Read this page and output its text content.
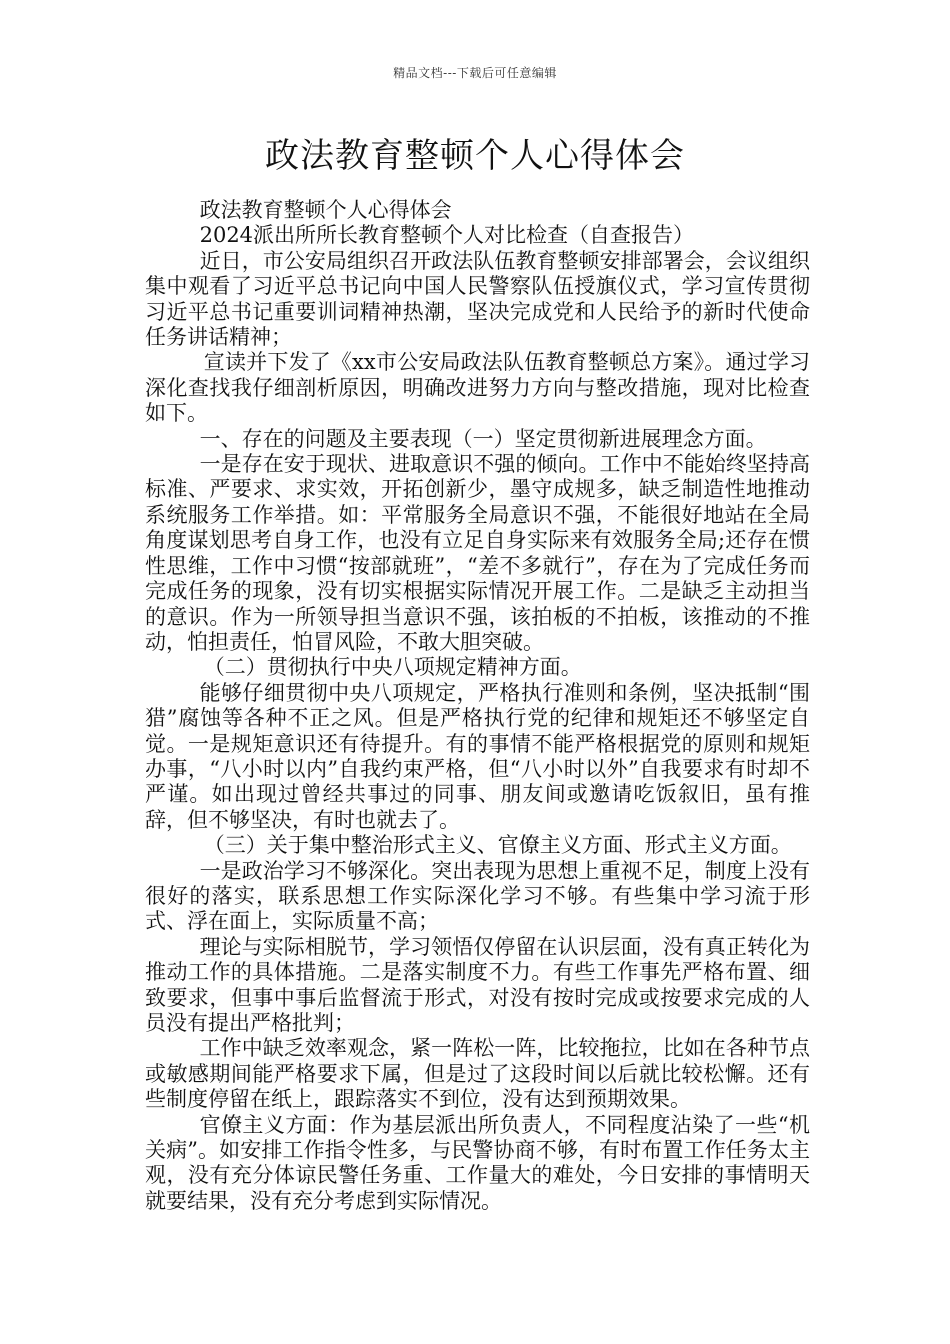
精品文档---下载后可任意编辑
政法教育整顿个人心得体会

政法教育整顿个人心得体会

2024派出所所长教育整顿个人对比检查（自查报告）

近日，市公安局组织召开政法队伍教育整顿安排部署会，会议组织集中观看了习近平总书记向中国人民警察队伍授旗仪式，学习宣传贯彻习近平总书记重要训词精神热潮，坚决完成党和人民给予的新时代使命任务讲话精神；

宣读并下发了《xx市公安局政法队伍教育整顿总方案》。通过学习深化查找我仔细剖析原因，明确改进努力方向与整改措施，现对比检查如下。

一、存在的问题及主要表现（一）坚定贯彻新进展理念方面。

一是存在安于现状、进取意识不强的倾向。工作中不能始终坚持高标准、严要求、求实效，开拓创新少，墨守成规多，缺乏制造性地推动系统服务工作举措。如：平常服务全局意识不强，不能很好地站在全局角度谋划思考自身工作，也没有立足自身实际来有效服务全局;还存在惯性思维，工作中习惯“按部就班”，“差不多就行”，存在为了完成任务而完成任务的现象，没有切实根据实际情况开展工作。二是缺乏主动担当的意识。作为一所领导担当意识不强，该拍板的不拍板，该推动的不推动，怕担责任，怕冒风险，不敢大胆突破。

（二）贯彻执行中央八项规定精神方面。

能够仔细贯彻中央八项规定，严格执行准则和条例，坚决抵制“围猎”腐蚀等各种不正之风。但是严格执行党的纪律和规矩还不够坚定自觉。一是规矩意识还有待提升。有的事情不能严格根据党的原则和规矩办事，“八小时以内”自我约束严格，但“八小时以外”自我要求有时却不严谨。如出现过曾经共事过的同事、朋友间或邀请吃饭叙旧，虽有推辞，但不够坚决，有时也就去了。

（三）关于集中整治形式主义、官僚主义方面、形式主义方面。

一是政治学习不够深化。突出表现为思想上重视不足，制度上没有很好的落实，联系思想工作实际深化学习不够。有些集中学习流于形式、浮在面上，实际质量不高；

理论与实际相脱节，学习领悟仅停留在认识层面，没有真正转化为推动工作的具体措施。二是落实制度不力。有些工作事先严格布置、细致要求，但事中事后监督流于形式，对没有按时完成或按要求完成的人员没有提出严格批判；

工作中缺乏效率观念，紧一阵松一阵，比较拖拉，比如在各种节点或敏感期间能严格要求下属，但是过了这段时间以后就比较松懈。还有些制度停留在纸上，跟踪落实不到位，没有达到预期效果。

官僚主义方面：作为基层派出所负责人，不同程度沾染了一些“机关病”。如安排工作指令性多，与民警协商不够，有时布置工作任务太主观，没有充分体谅民警任务重、工作量大的难处，今日安排的事情明天就要结果，没有充分考虑到实际情况。
